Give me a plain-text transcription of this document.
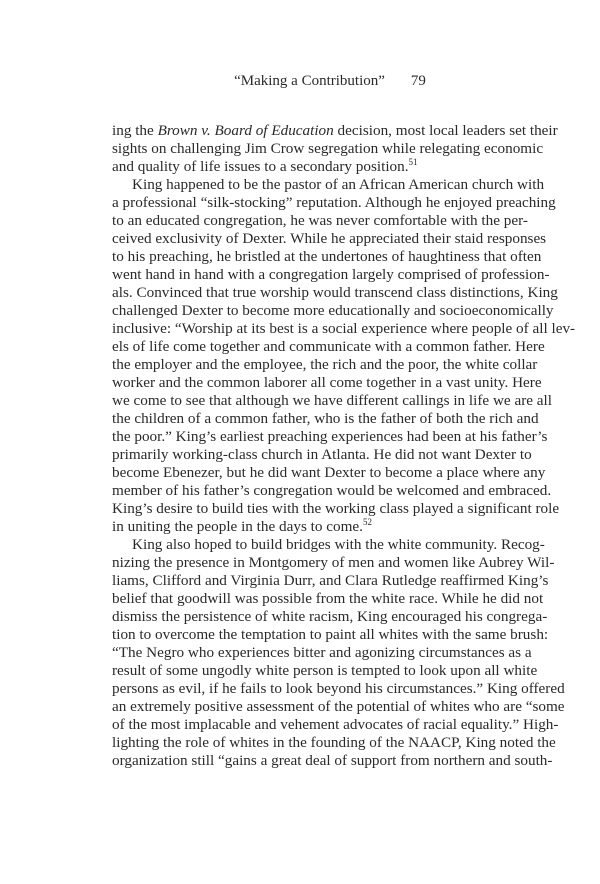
“Making a Contribution” 79
ing the Brown v. Board of Education decision, most local leaders set their
sights on challenging Jim Crow segregation while relegating economic
and quality of life issues to a secondary position.$^{51}$
King happened to be the pastor of an African American church with
a professional “silk-stocking” reputation. Although he enjoyed preaching
to an educated congregation, he was never comfortable with the per-
ceived exclusivity of Dexter. While he appreciated their staid responses
to his preaching, he bristled at the undertones of haughtiness that often
went hand in hand with a congregation largely comprised of profession-
als. Convinced that true worship would transcend class distinctions, King
challenged Dexter to become more educationally and socioeconomically
inclusive: “Worship at its best is a social experience where people of all lev-
els of life come together and communicate with a common father. Here
the employer and the employee, the rich and the poor, the white collar
worker and the common laborer all come together in a vast unity. Here
we come to see that although we have different callings in life we are all
the children of a common father, who is the father of both the rich and
the poor.” King’s earliest preaching experiences had been at his father’s
primarily working-class church in Atlanta. He did not want Dexter to
become Ebenezer, but he did want Dexter to become a place where any
member of his father’s congregation would be welcomed and embraced.
King’s desire to build ties with the working class played a significant role
in uniting the people in the days to come.$^{52}$
King also hoped to build bridges with the white community. Recog-
nizing the presence in Montgomery of men and women like Aubrey Wil-
liams, Clifford and Virginia Durr, and Clara Rutledge reaffirmed King’s
belief that goodwill was possible from the white race. While he did not
dismiss the persistence of white racism, King encouraged his congrega-
tion to overcome the temptation to paint all whites with the same brush:
“The Negro who experiences bitter and agonizing circumstances as a
result of some ungodly white person is tempted to look upon all white
persons as evil, if he fails to look beyond his circumstances.” King offered
an extremely positive assessment of the potential of whites who are “some
of the most implacable and vehement advocates of racial equality.” High-
lighting the role of whites in the founding of the NAACP, King noted the
organization still “gains a great deal of support from northern and south-
